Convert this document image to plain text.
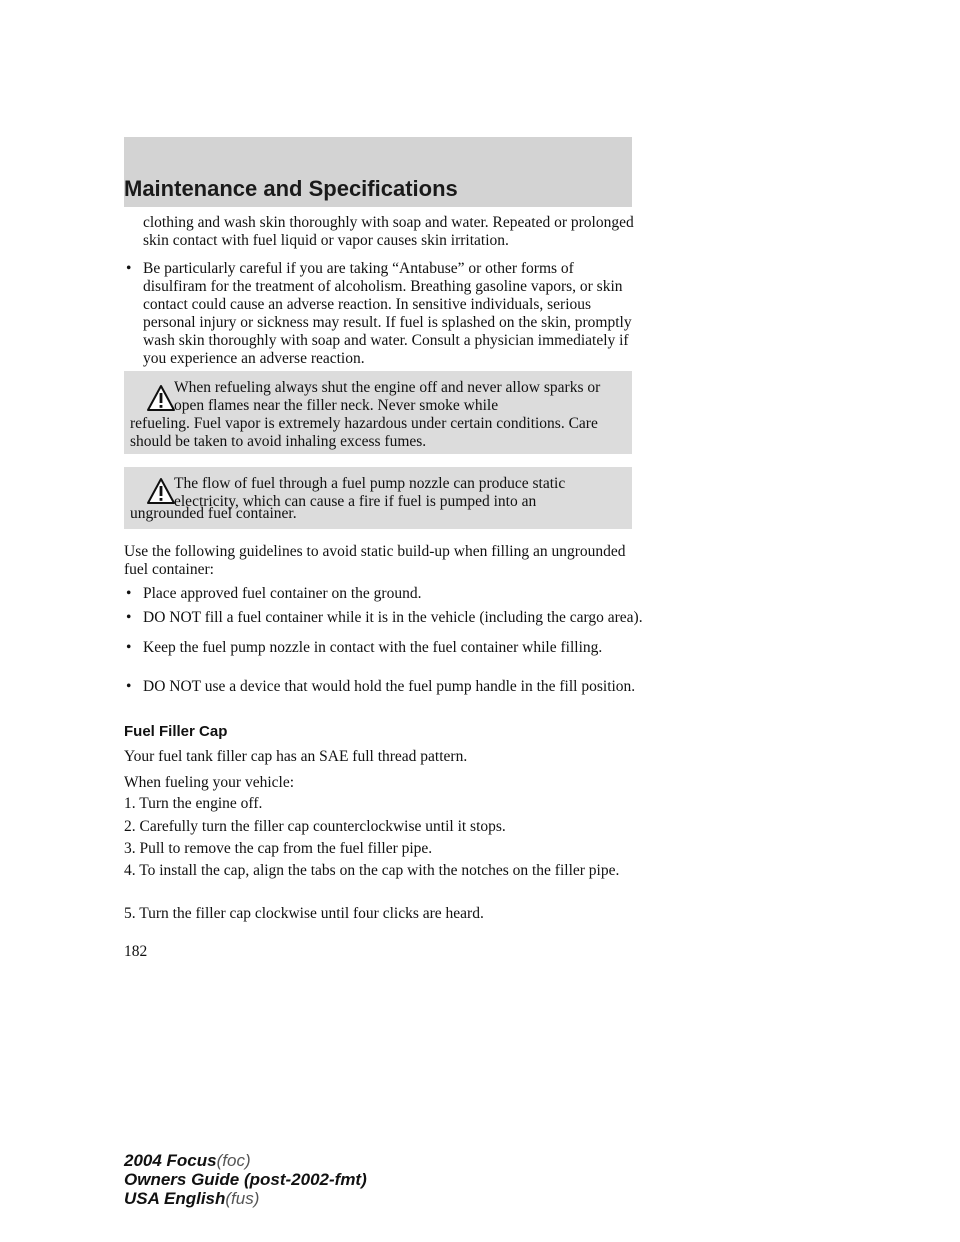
Maintenance and Specifications
clothing and wash skin thoroughly with soap and water. Repeated or prolonged skin contact with fuel liquid or vapor causes skin irritation.
• Be particularly careful if you are taking “Antabuse” or other forms of disulfiram for the treatment of alcoholism. Breathing gasoline vapors, or skin contact could cause an adverse reaction. In sensitive individuals, serious personal injury or sickness may result. If fuel is splashed on the skin, promptly wash skin thoroughly with soap and water. Consult a physician immediately if you experience an adverse reaction.
When refueling always shut the engine off and never allow sparks or open flames near the filler neck. Never smoke while
refueling. Fuel vapor is extremely hazardous under certain conditions. Care should be taken to avoid inhaling excess fumes.
The flow of fuel through a fuel pump nozzle can produce static electricity, which can cause a fire if fuel is pumped into an
ungrounded fuel container.
Use the following guidelines to avoid static build-up when filling an ungrounded fuel container:
• Place approved fuel container on the ground.
• DO NOT fill a fuel container while it is in the vehicle (including the cargo area).
• Keep the fuel pump nozzle in contact with the fuel container while filling.
• DO NOT use a device that would hold the fuel pump handle in the fill position.
Fuel Filler Cap
Your fuel tank filler cap has an SAE full thread pattern.
When fueling your vehicle:
1. Turn the engine off.
2. Carefully turn the filler cap counterclockwise until it stops.
3. Pull to remove the cap from the fuel filler pipe.
4. To install the cap, align the tabs on the cap with the notches on the filler pipe.
5. Turn the filler cap clockwise until four clicks are heard.
182
2004 Focus(foc)
Owners Guide (post-2002-fmt)
USA English(fus)
